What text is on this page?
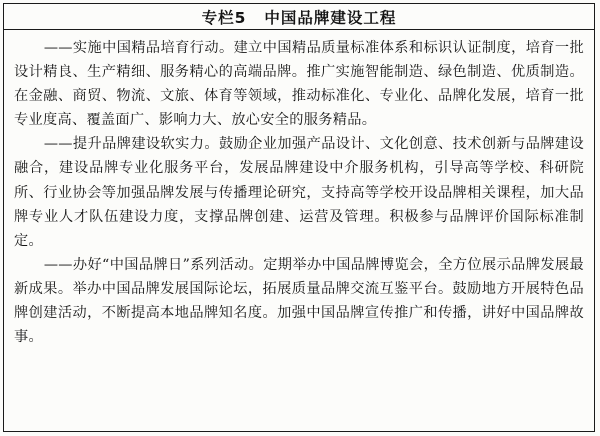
专栏5 中国品牌建设工程

——实施中国精品培育行动。建立中国精品质量标准体系和标识认证制度，培育一批设计精良、生产精细、服务精心的高端品牌。推广实施智能制造、绿色制造、优质制造。在金融、商贸、物流、文旅、体育等领域，推动标准化、专业化、品牌化发展，培育一批专业度高、覆盖面广、影响力大、放心安全的服务精品。

——提升品牌建设软实力。鼓励企业加强产品设计、文化创意、技术创新与品牌建设融合，建设品牌专业化服务平台，发展品牌建设中介服务机构，引导高等学校、科研院所、行业协会等加强品牌发展与传播理论研究，支持高等学校开设品牌相关课程，加大品牌专业人才队伍建设力度，支撑品牌创建、运营及管理。积极参与品牌评价国际标准制定。

——办好“中国品牌日”系列活动。定期举办中国品牌博览会，全方位展示品牌发展最新成果。举办中国品牌发展国际论坛，拓展质量品牌交流互鉴平台。鼓励地方开展特色品牌创建活动，不断提高本地品牌知名度。加强中国品牌宣传推广和传播，讲好中国品牌故事。
